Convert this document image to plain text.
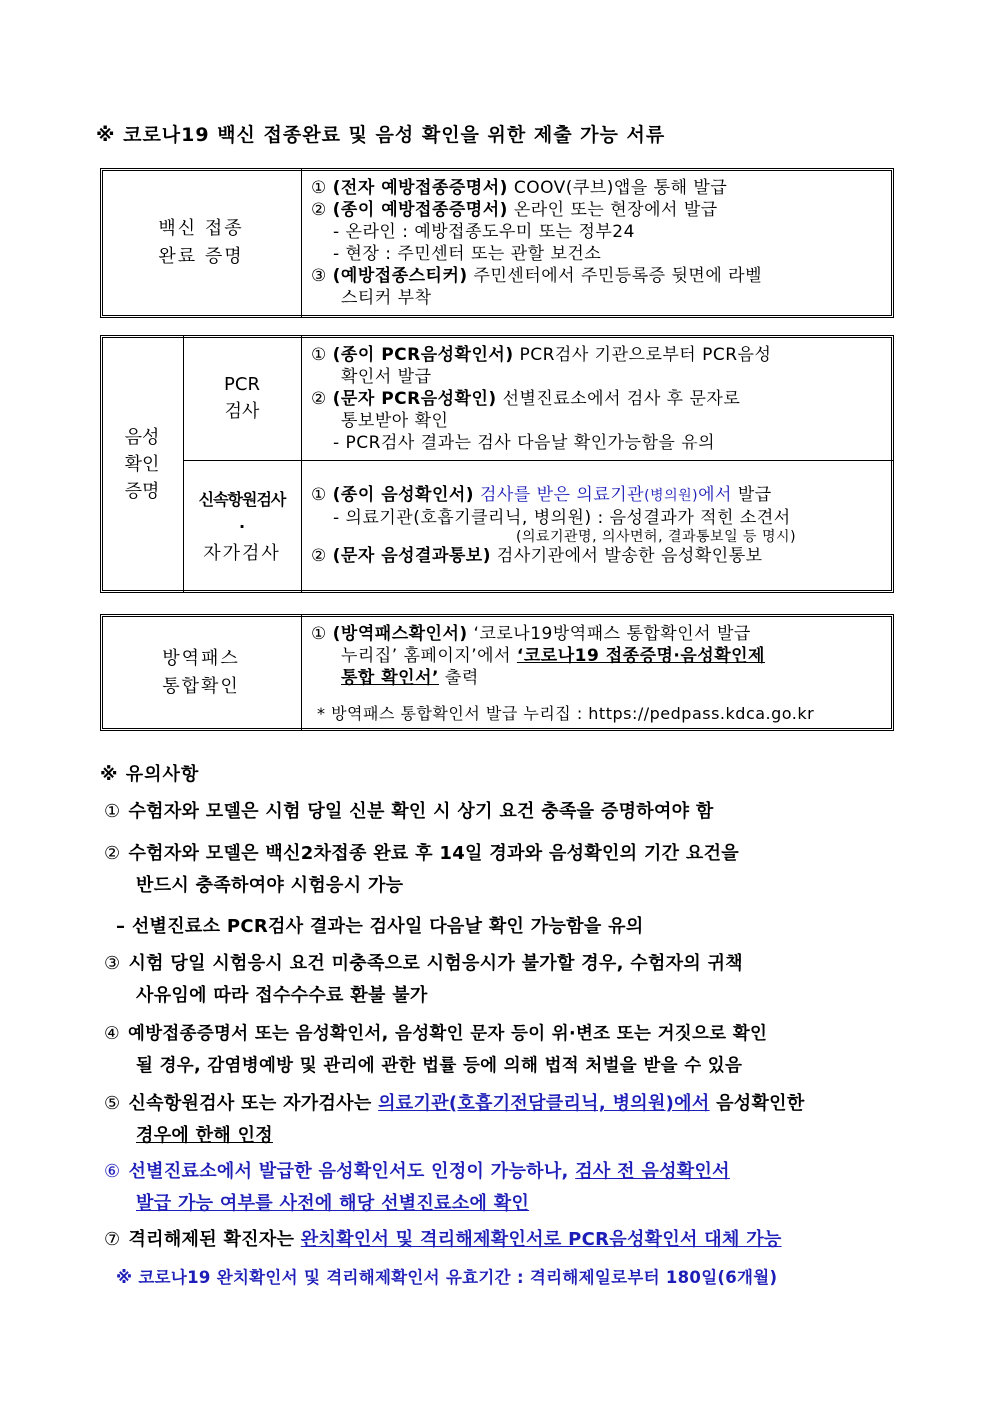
※ 코로나19 백신 접종완료 및 음성 확인을 위한 제출 가능 서류
백신 접종
완료 증명
① (전자 예방접종증명서) COOV(쿠브)앱을 통해 발급
② (종이 예방접종증명서) 온라인 또는 현장에서 발급
- 온라인 : 예방접종도우미 또는 정부24
- 현장 : 주민센터 또는 관할 보건소
③ (예방접종스티커) 주민센터에서 주민등록증 뒷면에 라벨
스티커 부착
음성
확인
증명
PCR
검사
신속항원검사
·
자가검사
① (종이 PCR음성확인서) PCR검사 기관으로부터 PCR음성
확인서 발급
② (문자 PCR음성확인) 선별진료소에서 검사 후 문자로
통보받아 확인
- PCR검사 결과는 검사 다음날 확인가능함을 유의
① (종이 음성확인서) 검사를 받은 의료기관(병의원)에서 발급
- 의료기관(호흡기클리닉, 병의원) : 음성결과가 적힌 소견서
(의료기관명, 의사면허, 결과통보일 등 명시)
② (문자 음성결과통보) 검사기관에서 발송한 음성확인통보
방역패스
통합확인
① (방역패스확인서) ‘코로나19방역패스 통합확인서 발급
누리집’ 홈페이지’에서 ‘코로나19 접종증명·음성확인제
통합 확인서’ 출력
* 방역패스 통합확인서 발급 누리집 : https://pedpass.kdca.go.kr
※ 유의사항
① 수험자와 모델은 시험 당일 신분 확인 시 상기 요건 충족을 증명하여야 함
② 수험자와 모델은 백신2차접종 완료 후 14일 경과와 음성확인의 기간 요건을
반드시 충족하여야 시험응시 가능
– 선별진료소 PCR검사 결과는 검사일 다음날 확인 가능함을 유의
③ 시험 당일 시험응시 요건 미충족으로 시험응시가 불가할 경우, 수험자의 귀책
사유임에 따라 접수수수료 환불 불가
④ 예방접종증명서 또는 음성확인서, 음성확인 문자 등이 위·변조 또는 거짓으로 확인
될 경우, 감염병예방 및 관리에 관한 법률 등에 의해 법적 처벌을 받을 수 있음
⑤ 신속항원검사 또는 자가검사는 의료기관(호흡기전담클리닉, 병의원)에서 음성확인한
경우에 한해 인정
⑥ 선별진료소에서 발급한 음성확인서도 인정이 가능하나, 검사 전 음성확인서
발급 가능 여부를 사전에 해당 선별진료소에 확인
⑦ 격리해제된 확진자는 완치확인서 및 격리해제확인서로 PCR음성확인서 대체 가능
※ 코로나19 완치확인서 및 격리해제확인서 유효기간 : 격리해제일로부터 180일(6개월)
